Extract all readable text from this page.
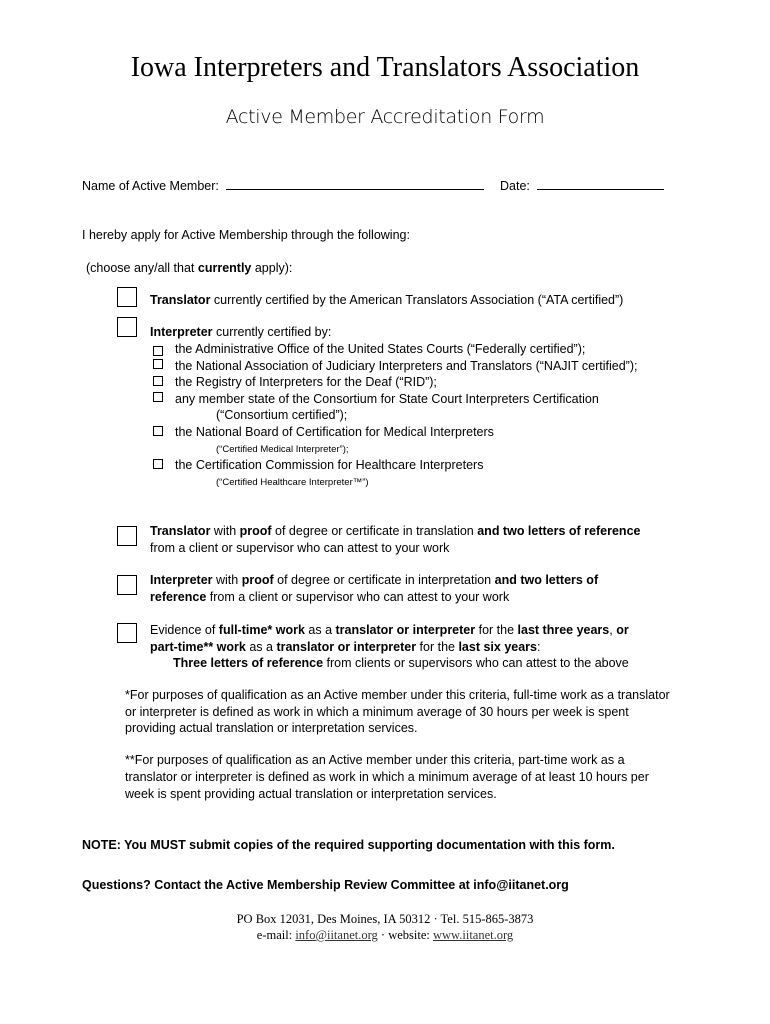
Iowa Interpreters and Translators Association
Active Member Accreditation Form
Name of Active Member:	Date:
I hereby apply for Active Membership through the following:
(choose any/all that currently apply):
Translator currently certified by the American Translators Association (“ATA certified”)
Interpreter currently certified by:
the Administrative Office of the United States Courts (“Federally certified”);
the National Association of Judiciary Interpreters and Translators (“NAJIT certified”);
the Registry of Interpreters for the Deaf (“RID”);
any member state of the Consortium for State Court Interpreters Certification
(“Consortium certified”);
the National Board of Certification for Medical Interpreters
(“Certified Medical Interpreter”);
the Certification Commission for Healthcare Interpreters
(“Certified Healthcare Interpreter™”)
Translator with proof of degree or certificate in translation and two letters of reference
from a client or supervisor who can attest to your work
Interpreter with proof of degree or certificate in interpretation and two letters of
reference from a client or supervisor who can attest to your work
Evidence of full-time* work as a translator or interpreter for the last three years, or
part-time** work as a translator or interpreter for the last six years:
Three letters of reference from clients or supervisors who can attest to the above
*For purposes of qualification as an Active member under this criteria, full-time work as a translator
or interpreter is defined as work in which a minimum average of 30 hours per week is spent
providing actual translation or interpretation services.
**For purposes of qualification as an Active member under this criteria, part-time work as a
translator or interpreter is defined as work in which a minimum average of at least 10 hours per
week is spent providing actual translation or interpretation services.
NOTE: You MUST submit copies of the required supporting documentation with this form.
Questions? Contact the Active Membership Review Committee at info@iitanet.org
PO Box 12031, Des Moines, IA 50312 · Tel. 515-865-3873
e-mail: info@iitanet.org · website: www.iitanet.org
